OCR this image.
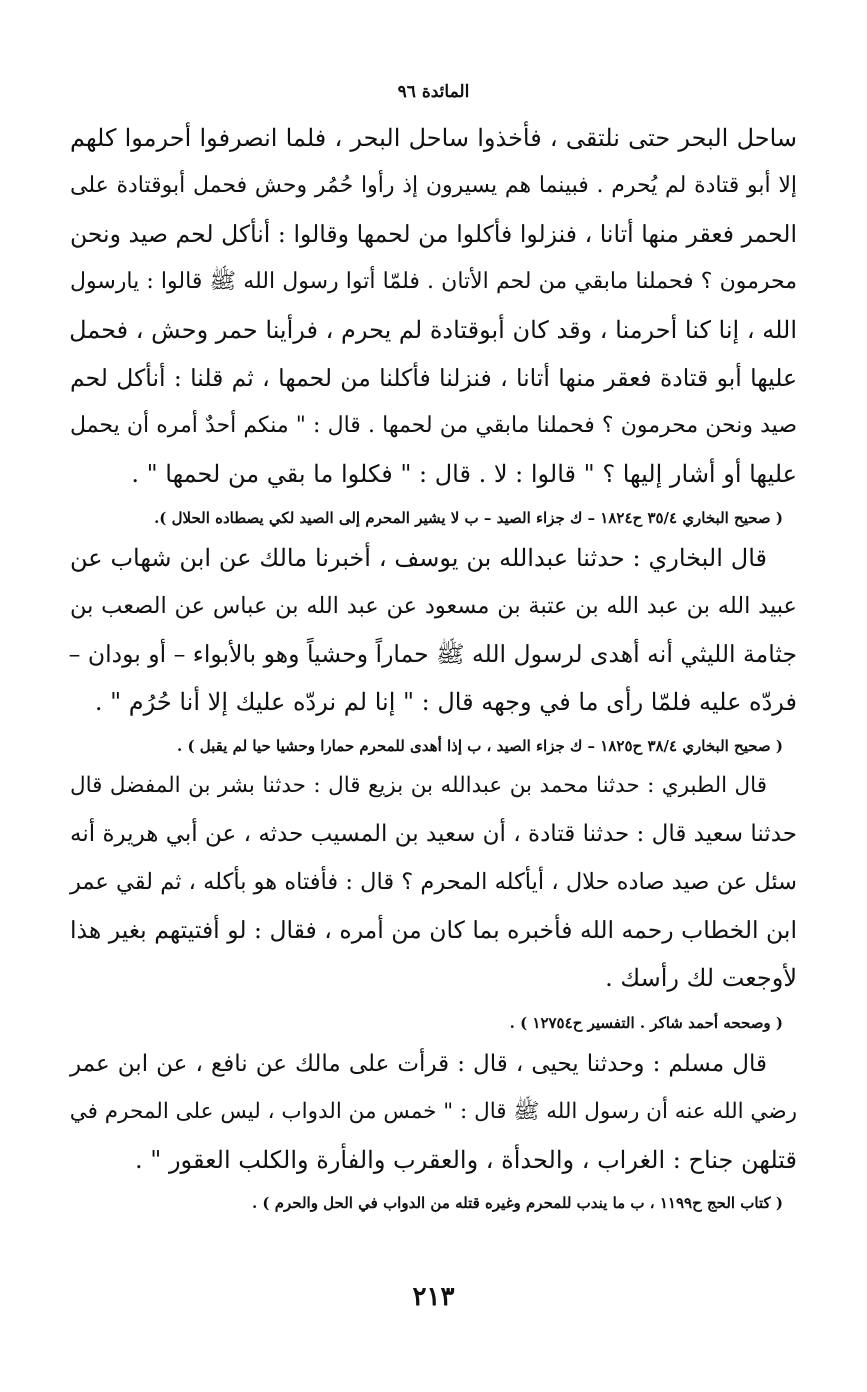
المائدة ٩٦
ساحل البحر حتى نلتقى ، فأخذوا ساحل البحر ، فلما انصرفوا أحرموا كلهم
إلا أبو قتادة لم يُحرم . فبينما هم يسيرون إذ رأوا حُمُر وحش فحمل أبوقتادة على
الحمر فعقر منها أتانا ، فنزلوا فأكلوا من لحمها وقالوا : أنأكل لحم صيد ونحن
محرمون ؟ فحملنا مابقي من لحم الأتان . فلمّا أتوا رسول الله ﷺ قالوا : يارسول
الله ، إنا كنا أحرمنا ، وقد كان أبوقتادة لم يحرم ، فرأينا حمر وحش ، فحمل
عليها أبو قتادة فعقر منها أتانا ، فنزلنا فأكلنا من لحمها ، ثم قلنا : أنأكل لحم
صيد ونحن محرمون ؟ فحملنا مابقي من لحمها . قال : " منكم أحدٌ أمره أن يحمل
عليها أو أشار إليها ؟ " قالوا : لا . قال : " فكلوا ما بقي من لحمها " .
( صحيح البخاري ٣٥/٤ ح١٨٢٤ – ك جزاء الصيد – ب لا يشير المحرم إلى الصيد لكي يصطاده الحلال ).
قال البخاري : حدثنا عبدالله بن يوسف ، أخبرنا مالك عن ابن شهاب عن
عبيد الله بن عبد الله بن عتبة بن مسعود عن عبد الله بن عباس عن الصعب بن
جثامة الليثي أنه أهدى لرسول الله ﷺ حماراً وحشياً وهو بالأبواء – أو بودان –
فردّه عليه فلمّا رأى ما في وجهه قال : " إنا لم نردّه عليك إلا أنا حُرُم " .
( صحيح البخاري ٣٨/٤ ح١٨٢٥ – ك جزاء الصيد ، ب إذا أهدى للمحرم حمارا وحشيا حيا لم يقبل ) .
قال الطبري : حدثنا محمد بن عبدالله بن بزيع قال : حدثنا بشر بن المفضل قال
حدثنا سعيد قال : حدثنا قتادة ، أن سعيد بن المسيب حدثه ، عن أبي هريرة أنه
سئل عن صيد صاده حلال ، أيأكله المحرم ؟ قال : فأفتاه هو بأكله ، ثم لقي عمر
ابن الخطاب رحمه الله فأخبره بما كان من أمره ، فقال : لو أفتيتهم بغير هذا
لأوجعت لك رأسك .
( وصححه أحمد شاكر . التفسير ح١٢٧٥٤ ) .
قال مسلم : وحدثنا يحيى ، قال : قرأت على مالك عن نافع ، عن ابن عمر
رضي الله عنه أن رسول الله ﷺ قال : " خمس من الدواب ، ليس على المحرم في
قتلهن جناح : الغراب ، والحدأة ، والعقرب والفأرة والكلب العقور " .
( كتاب الحج ح١١٩٩ ، ب ما يندب للمحرم وغيره قتله من الدواب في الحل والحرم ) .
٢١٣
